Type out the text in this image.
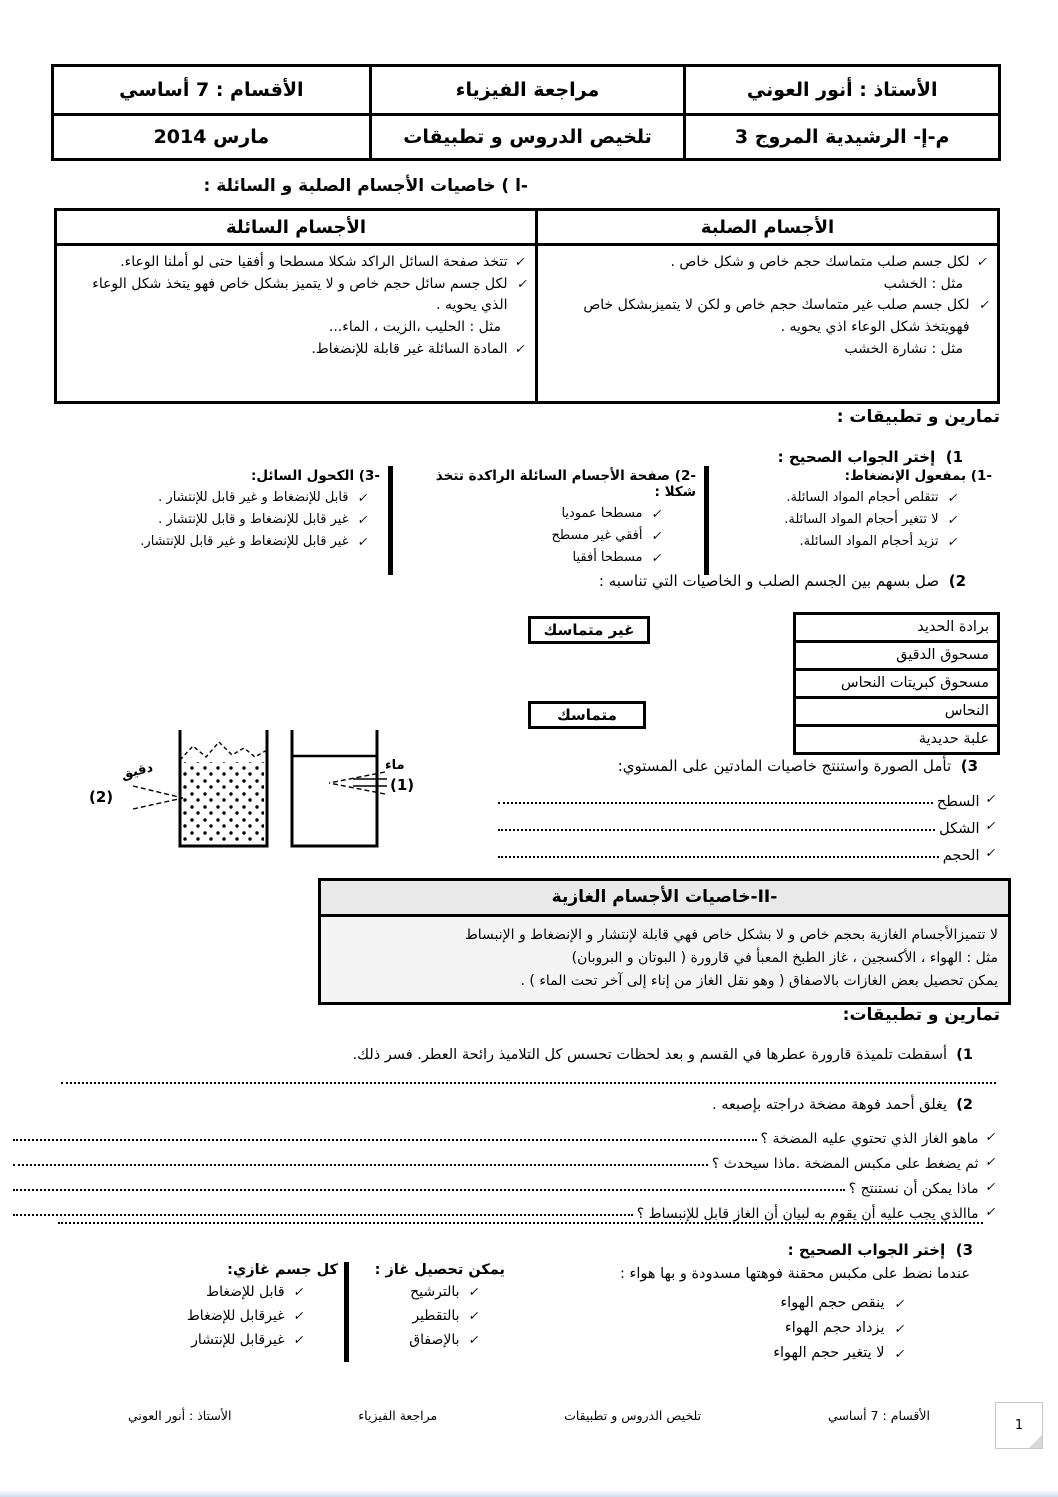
الأستاذ : أنور العوني
مراجعة الفيزياء
الأقسام : 7 أساسي
م-إ- الرشيدية المروج 3
تلخيص الدروس و تطبيقات
مارس 2014
-ا ) خاصيات الأجسام الصلبة و السائلة :
الأجسام الصلبة
✓
لكل جسم صلب متماسك حجم خاص و شكل خاص .
مثل : الخشب
✓
لكل جسم صلب غير متماسك حجم خاص و لكن لا يتميزبشكل خاص فهويتخذ شكل الوعاء اذي يحويه .
مثل : نشارة الخشب
الأجسام السائلة
✓
تتخذ صفحة السائل الراكد شكلا مسطحا و أفقيا حتى لو أملنا الوعاء.
✓
لكل جسم سائل حجم خاص و لا يتميز بشكل خاص فهو يتخذ شكل الوعاء الذي يحويه .
مثل : الحليب ،الزيت ، الماء...
✓
المادة السائلة غير قابلة للإنضغاط.
تمارين و تطبيقات :
1)  إختر الجواب الصحيح :
-1) بمفعول الإنضغاط:
✓
تتقلص أحجام المواد السائلة.
✓
لا تتغير أحجام المواد السائلة.
✓
تزيد أحجام المواد السائلة.
-2) صفحة الأجسام السائلة الراكدة تتخذ شكلا :
✓
مسطحا عموديا
✓
أفقي غير مسطح
✓
مسطحا أفقيا
-3) الكحول السائل:
✓
قابل للإنضغاط و غير قابل للإنتشار .
✓
غير قابل للإنضغاط و قابل للإنتشار .
✓
غير قابل للإنضغاط و غير قابل للإنتشار.
2)  صل بسهم بين الجسم الصلب و الخاصيات التي تناسبه :
برادة الحديد
مسحوق الدقيق
مسحوق كبريتات النحاس
النحاس
علبة حديدية
غير متماسك
متماسك
3)  تأمل الصورة واستنتج خاصيات المادتين على المستوي:
✓
السطح
✓
الشكل
✓
الحجم
ماء
(1)
دقيق
(2)
-II-خاصيات الأجسام الغازية
لا تتميزالأجسام الغازية بحجم خاص و لا بشكل خاص فهي قابلة لإنتشار و الإنضغاط و الإنبساط
مثل : الهواء ، الأكسجين ، غاز الطبخ المعبأ في قارورة ( البوتان و البروبان)
يمكن تحصيل بعض الغازات بالاصفاق ( وهو نقل الغاز من إناء إلى آخر تحت الماء ) .
تمارين و تطبيقات:
1)  أسقطت تلميذة قارورة عطرها في القسم و بعد لحظات تحسس كل التلاميذ رائحة العطر. فسر ذلك.
2)  يغلق أحمد فوهة مضخة دراجته بإصبعه .
✓
ماهو الغاز الذي تحتوي عليه المضخة ؟
✓
ثم يضغط على مكبس المضخة .ماذا سيحدث ؟
✓
ماذا يمكن أن نستنتج ؟
✓
ماالذي يجب عليه أن يقوم به لبيان أن الغاز قابل للإنبساط ؟
3)  إختر الجواب الصحيح :
عندما نضط على مكبس محقنة فوهتها مسدودة و بها هواء :
✓
ينقص حجم الهواء
✓
يزداد حجم الهواء
✓
لا يتغير حجم الهواء
يمكن تحصيل غاز :
✓
بالترشيح
✓
بالتقطير
✓
بالإصفاق
كل جسم غازي:
✓
قابل للإضغاط
✓
غيرقابل للإضغاط
✓
غيرقابل للإنتشار
الأقسام : 7 أساسي
تلخيص الدروس و تطبيقات
مراجعة الفيزياء
الأستاذ : أنور العوني
1
